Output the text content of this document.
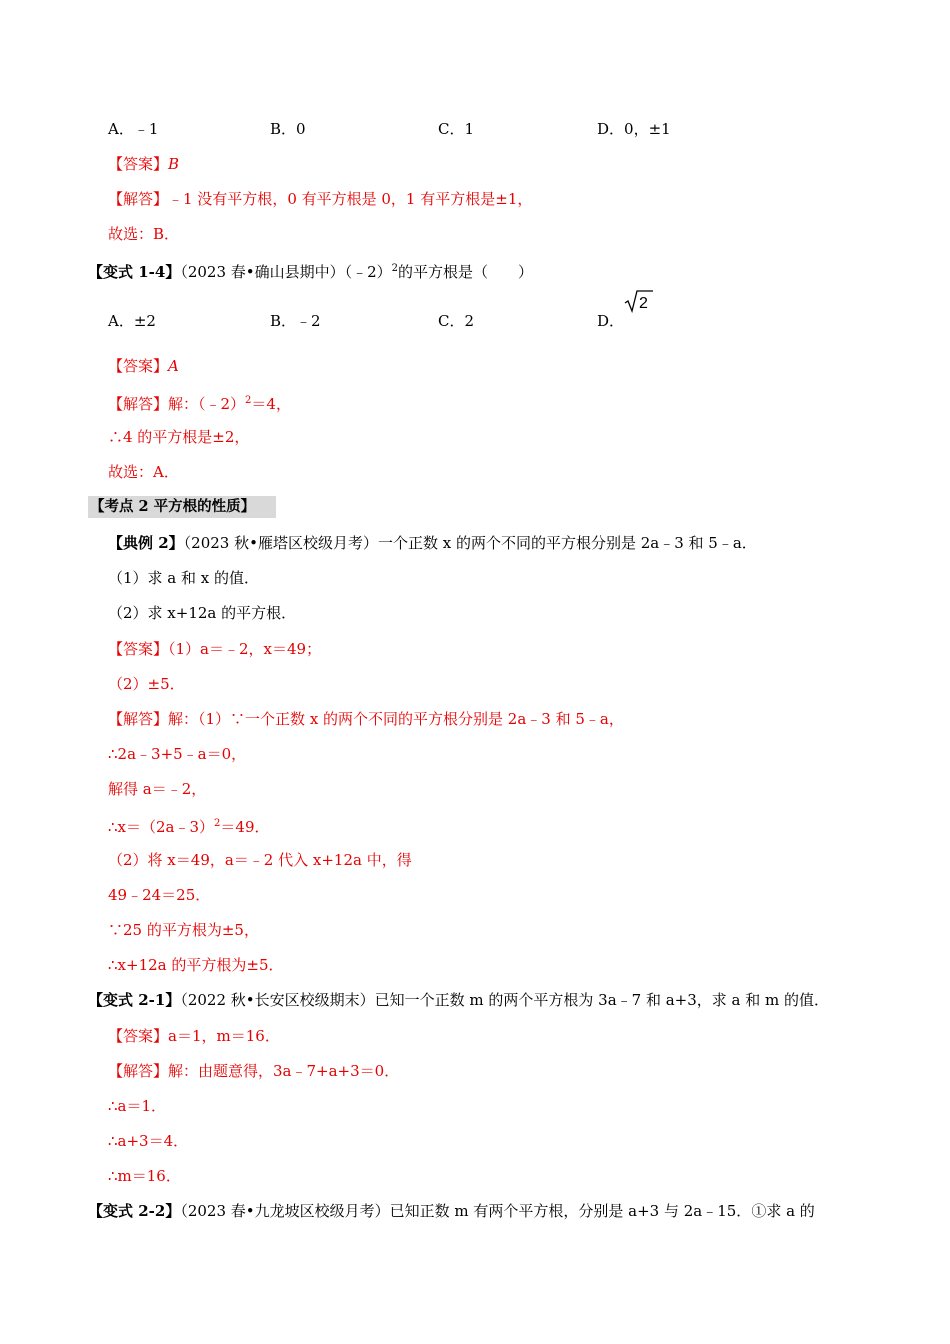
A．﹣1	B．0	C．1	D．0，±1
【答案】B
【解答】﹣1 没有平方根，0 有平方根是 0，1 有平方根是±1，
故选：B．
【变式 1-4】（2023 春•确山县期中）（﹣2）$^2$的平方根是（　　）
A．±2	B．﹣2	C．2	D．
2
【答案】A
【解答】解：（﹣2）$^2$＝4，
∴4 的平方根是±2，
故选：A．
【考点 2 平方根的性质】
【典例 2】（2023 秋•雁塔区校级月考）一个正数 x 的两个不同的平方根分别是 2a﹣3 和 5﹣a．
（1）求 a 和 x 的值．
（2）求 x+12a 的平方根．
【答案】（1）a＝﹣2，x＝49；
（2）±5．
【解答】解：（1）∵一个正数 x 的两个不同的平方根分别是 2a﹣3 和 5﹣a，
∴2a﹣3+5﹣a＝0，
解得 a＝﹣2，
∴x＝（2a﹣3）$^2$＝49．
（2）将 x＝49，a＝﹣2 代入 x+12a 中，得
49﹣24＝25．
∵25 的平方根为±5，
∴x+12a 的平方根为±5．
【变式 2-1】（2022 秋•长安区校级期末）已知一个正数 m 的两个平方根为 3a﹣7 和 a+3，求 a 和 m 的值．
【答案】a＝1，m＝16．
【解答】解：由题意得，3a﹣7+a+3＝0．
∴a＝1．
∴a+3＝4．
∴m＝16．
【变式 2-2】（2023 春•九龙坡区校级月考）已知正数 m 有两个平方根，分别是 a+3 与 2a﹣15．①求 a 的
